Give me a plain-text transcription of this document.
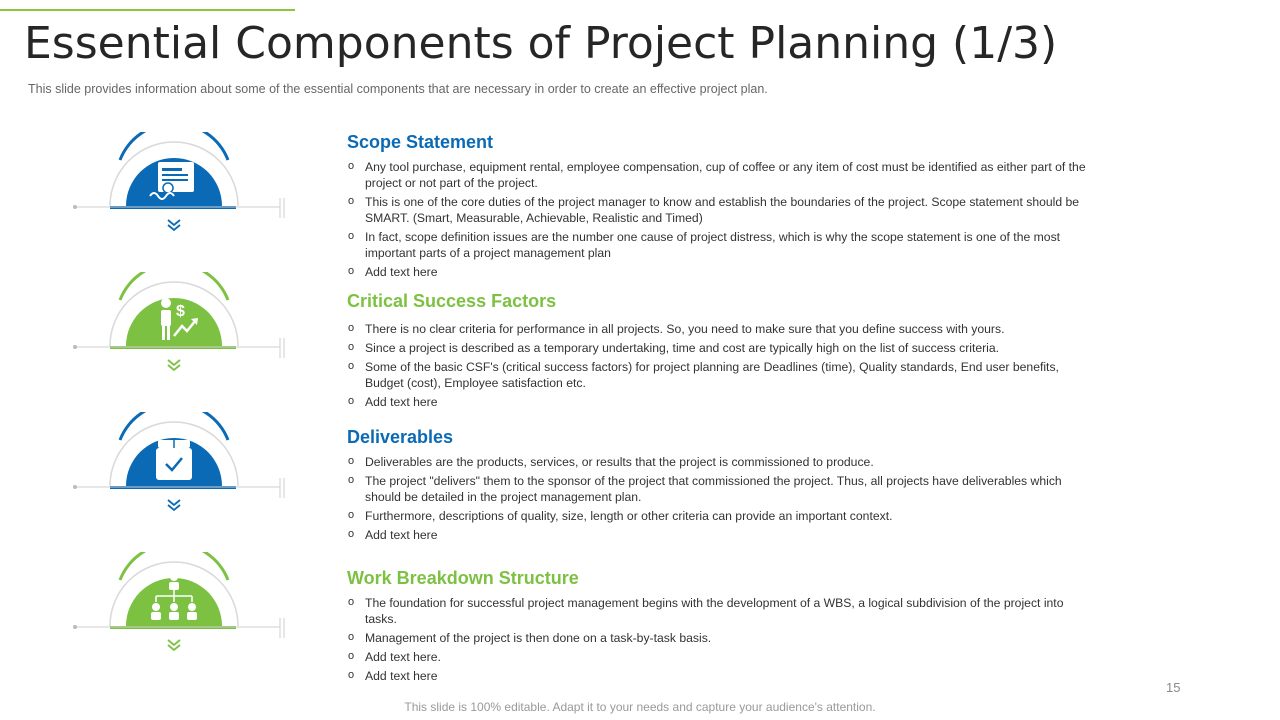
Essential Components of Project Planning (1/3)

This slide provides information about some of the essential components that are necessary in order to create an effective project plan.

$
Scope Statement
o Any tool purchase, equipment rental, employee compensation, cup of coffee or any item of cost must be identified as either part of the project or not part of the project.
o This is one of the core duties of the project manager to know and establish the boundaries of the project. Scope statement should be SMART. (Smart, Measurable, Achievable, Realistic and Timed)
o In fact, scope definition issues are the number one cause of project distress, which is why the scope statement is one of the most important parts of a project management plan
o Add text here
Critical Success Factors
o There is no clear criteria for performance in all projects. So, you need to make sure that you define success with yours.
o Since a project is described as a temporary undertaking, time and cost are typically high on the list of success criteria.
o Some of the basic CSF's (critical success factors) for project planning are Deadlines (time), Quality standards, End user benefits, Budget (cost), Employee satisfaction etc.
o Add text here
Deliverables
o Deliverables are the products, services, or results that the project is commissioned to produce.
o The project "delivers" them to the sponsor of the project that commissioned the project. Thus, all projects have deliverables which should be detailed in the project management plan.
o Furthermore, descriptions of quality, size, length or other criteria can provide an important context.
o Add text here
Work Breakdown Structure
o The foundation for successful project management begins with the development of a WBS, a logical subdivision of the project into tasks.
o Management of the project is then done on a task-by-task basis.
o Add text here.
o Add text here
15
This slide is 100% editable. Adapt it to your needs and capture your audience's attention.
